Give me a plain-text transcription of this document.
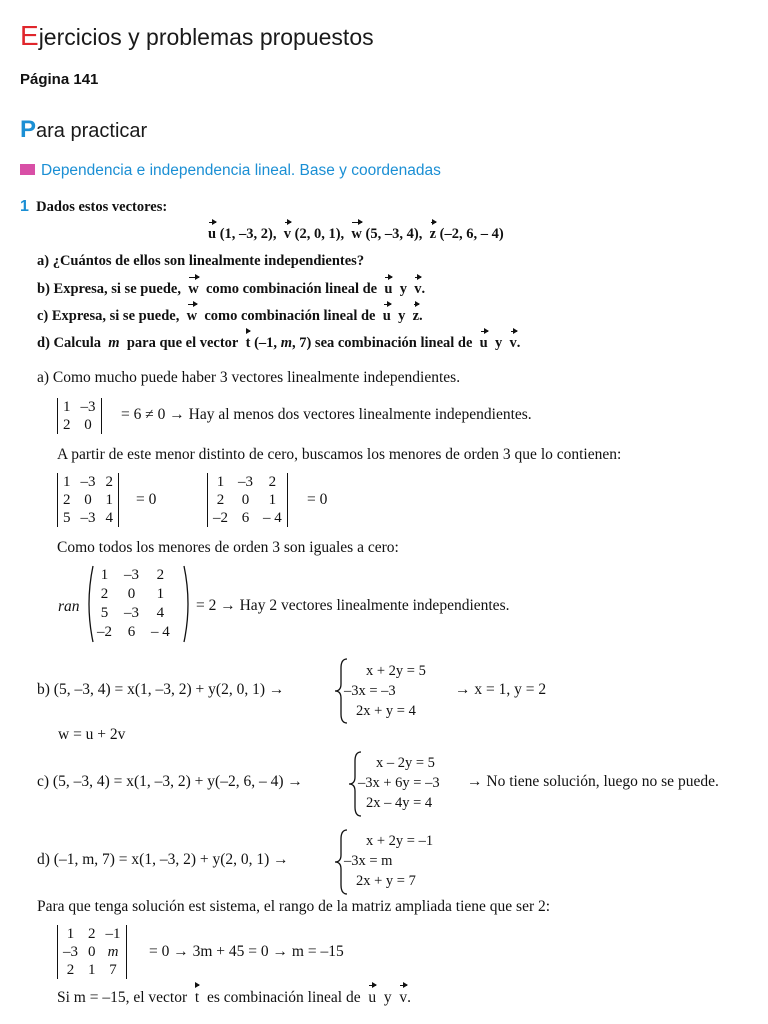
Ejercicios y problemas propuestos
Página 141
Para practicar
Dependencia e independencia lineal. Base y coordenadas
1 Dados estos vectores:
u (1, –3, 2), v (2, 0, 1), w (5, –3, 4), z (–2, 6, – 4)
a) ¿Cuántos de ellos son linealmente independientes?
b) Expresa, si se puede, w como combinación lineal de u y v.
c) Expresa, si se puede, w como combinación lineal de u y z.
d) Calcula m para que el vector t (–1, m, 7) sea combinación lineal de u y v.
a) Como mucho puede haber 3 vectores linealmente independientes.
1	–3
2	0
= 6 ≠ 0 → Hay al menos dos vectores linealmente independientes.
A partir de este menor distinto de cero, buscamos los menores de orden 3 que lo contienen:
1	–3	2
2	0	1
5	–3	4
= 0
1	–3	2
2	0	1
–2	6	– 4
= 0
Como todos los menores de orden 3 son iguales a cero:
ran
1	–3	2
2	0	1
5	–3	4
–2	6	– 4
= 2 → Hay 2 vectores linealmente independientes.
b) (5, –3, 4) = x(1, –3, 2) + y(2, 0, 1) →
x + 2y = 5
–3x = –3
2x + y = 4
→ x = 1, y = 2
w = u + 2v
c) (5, –3, 4) = x(1, –3, 2) + y(–2, 6, – 4) →
x – 2y = 5
–3x + 6y = –3
2x – 4y = 4
→ No tiene solución, luego no se puede.
d) (–1, m, 7) = x(1, –3, 2) + y(2, 0, 1) →
x + 2y = –1
–3x = m
2x + y = 7
Para que tenga solución est sistema, el rango de la matriz ampliada tiene que ser 2:
1	2	–1
–3	0	m
2	1	7
= 0 → 3m + 45 = 0 → m = –15
Si m = –15, el vector t es combinación lineal de u y v.
